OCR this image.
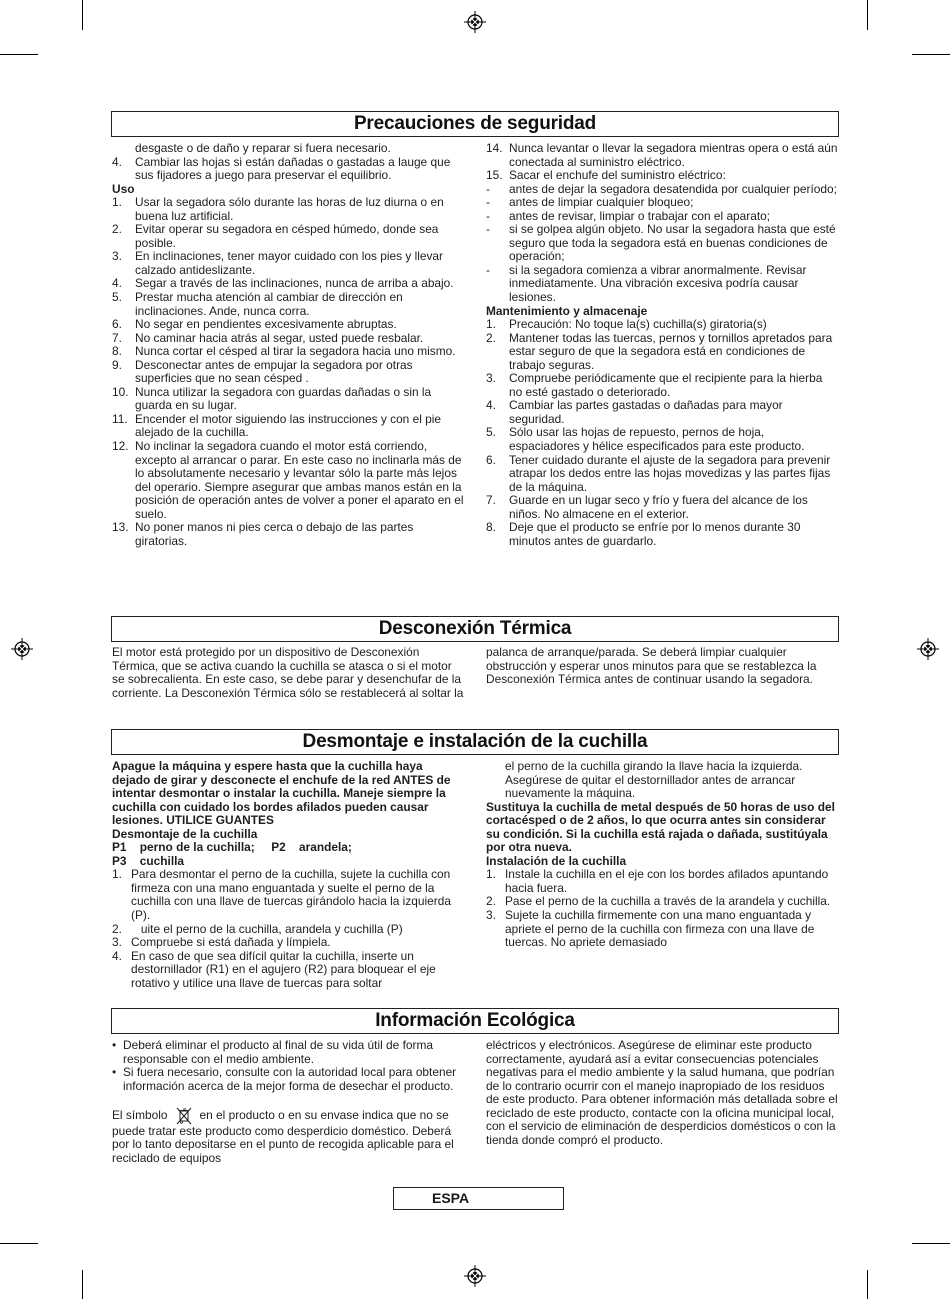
Precauciones de seguridad
desgaste o de daño y reparar si fuera necesario.
4. Cambiar las hojas si están dañadas o gastadas a lauge que sus fijadores a juego para preservar el equilibrio.

Uso

1. Usar la segadora sólo durante las horas de luz diurna o en buena luz artificial.
2. Evitar operar su segadora en césped húmedo, donde sea posible.
3. En inclinaciones, tener mayor cuidado con los pies y llevar calzado antideslizante.
4. Segar a través de las inclinaciones, nunca de arriba a abajo.
5. Prestar mucha atención al cambiar de dirección en inclinaciones. Ande, nunca corra.
6. No segar en pendientes excesivamente abruptas.
7. No caminar hacia atrás al segar, usted puede resbalar.
8. Nunca cortar el césped al tirar la segadora hacia uno mismo.
9. Desconectar antes de empujar la segadora por otras superficies que no sean césped .
10. Nunca utilizar la segadora con guardas dañadas o sin la guarda en su lugar.
11. Encender el motor siguiendo las instrucciones y con el pie alejado de la cuchilla.
12. No inclinar la segadora cuando el motor está corriendo, excepto al arrancar o parar. En este caso no inclinarla más de lo absolutamente necesario y levantar sólo la parte más lejos del operario. Siempre asegurar que ambas manos están en la posición de operación antes de volver a poner el aparato en el suelo.
13. No poner manos ni pies cerca o debajo de las partes giratorias.
14. Nunca levantar o llevar la segadora mientras opera o está aún conectada al suministro eléctrico.
15. Sacar el enchufe del suministro eléctrico:
- antes de dejar la segadora desatendida por cualquier período;
- antes de limpiar cualquier bloqueo;
- antes de revisar, limpiar o trabajar con el aparato;
- si se golpea algún objeto. No usar la segadora hasta que esté seguro que toda la segadora está en buenas condiciones de operación;
- si la segadora comienza a vibrar anormalmente. Revisar inmediatamente. Una vibración excesiva podría causar lesiones.

Mantenimiento y almacenaje

1. Precaución: No toque la(s) cuchilla(s) giratoria(s)
2. Mantener todas las tuercas, pernos y tornillos apretados para estar seguro de que la segadora está en condiciones de trabajo seguras.
3. Compruebe periódicamente que el recipiente para la hierba no esté gastado o deteriorado.
4. Cambiar las partes gastadas o dañadas para mayor seguridad.
5. Sólo usar las hojas de repuesto, pernos de hoja, espaciadores y hélice especificados para este producto.
6. Tener cuidado durante el ajuste de la segadora para prevenir atrapar los dedos entre las hojas movedizas y las partes fijas de la máquina.
7. Guarde en un lugar seco y frío y fuera del alcance de los niños. No almacene en el exterior.
8. Deje que el producto se enfríe por lo menos durante 30 minutos antes de guardarlo.
Desconexión Térmica

El motor está protegido por un dispositivo de Desconexión Térmica, que se activa cuando la cuchilla se atasca o si el motor se sobrecalienta. En este caso, se debe parar y desenchufar de la corriente. La Desconexión Térmica sólo se restablecerá al soltar la

palanca de arranque/parada. Se deberá limpiar cualquier obstrucción y esperar unos minutos para que se restablezca la Desconexión Térmica antes de continuar usando la segadora.

Desmontaje e instalación de la cuchilla

Apague la máquina y espere hasta que la cuchilla haya dejado de girar y desconecte el enchufe de la red ANTES de intentar desmontar o instalar la cuchilla. Maneje siempre la cuchilla con cuidado los bordes afilados pueden causar lesiones. UTILICE GUANTES

Desmontaje de la cuchilla

P1    perno de la cuchilla;     P2    arandela;

P3    cuchilla

1. Para desmontar el perno de la cuchilla, sujete la cuchilla con firmeza con una mano enguantada y suelte el perno de la cuchilla con una llave de tuercas girándolo hacia la izquierda (P).
2. uite el perno de la cuchilla, arandela y cuchilla (P)
3. Compruebe si está dañada y límpiela.
4. En caso de que sea difícil quitar la cuchilla, inserte un destornillador (R1) en el agujero (R2) para bloquear el eje rotativo y utilice una llave de tuercas para soltar

el perno de la cuchilla girando la llave hacia la izquierda. Asegúrese de quitar el destornillador antes de arrancar nuevamente la máquina.

Sustituya la cuchilla de metal después de 50 horas de uso del cortacésped o de 2 años, lo que ocurra antes sin considerar su condición. Si la cuchilla está rajada o dañada, sustitúyala por otra nueva.

Instalación de la cuchilla

1. Instale la cuchilla en el eje con los bordes afilados apuntando hacia fuera.
2. Pase el perno de la cuchilla a través de la arandela y cuchilla.
3. Sujete la cuchilla firmemente con una mano enguantada y apriete el perno de la cuchilla con firmeza con una llave de tuercas. No apriete demasiado
Información Ecológica
• Deberá eliminar el producto al final de su vida útil de forma responsable con el medio ambiente.
• Si fuera necesario, consulte con la autoridad local para obtener información acerca de la mejor forma de desechar el producto.

El símbolo	en el producto o en su envase indica que no se puede tratar este producto como desperdicio doméstico. Deberá por lo tanto depositarse en el punto de recogida aplicable para el reciclado de equipos

eléctricos y electrónicos. Asegúrese de eliminar este producto correctamente, ayudará así a evitar consecuencias potenciales negativas para el medio ambiente y la salud humana, que podrían de lo contrario ocurrir con el manejo inapropiado de los residuos de este producto. Para obtener información más detallada sobre el reciclado de este producto, contacte con la oficina municipal local, con el servicio de eliminación de desperdicios domésticos o con la tienda donde compró el producto.

ESPA
